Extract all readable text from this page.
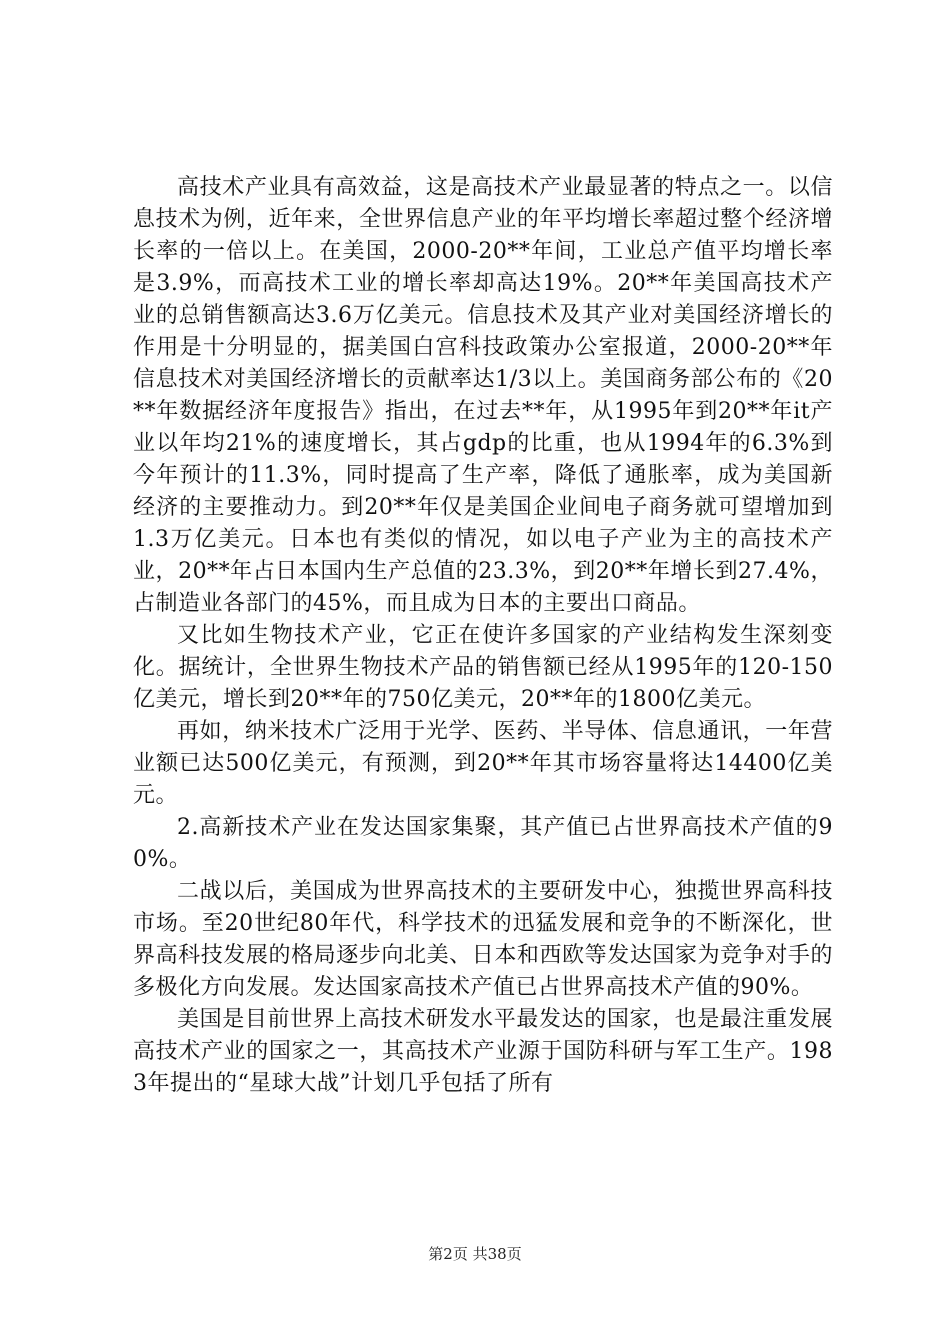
高技术产业具有高效益，这是高技术产业最显著的特点之一。以信息技术为例，近年来，全世界信息产业的年平均增长率超过整个经济增长率的一倍以上。在美国，2000-20**年间，工业总产值平均增长率是3.9%，而高技术工业的增长率却高达19%。20**年美国高技术产业的总销售额高达3.6万亿美元。信息技术及其产业对美国经济增长的作用是十分明显的，据美国白宫科技政策办公室报道，2000-20**年信息技术对美国经济增长的贡献率达1/3以上。美国商务部公布的《20**年数据经济年度报告》指出，在过去**年，从1995年到20**年it产业以年均21%的速度增长，其占gdp的比重，也从1994年的6.3%到今年预计的11.3%，同时提高了生产率，降低了通胀率，成为美国新经济的主要推动力。到20**年仅是美国企业间电子商务就可望增加到1.3万亿美元。日本也有类似的情况，如以电子产业为主的高技术产业，20**年占日本国内生产总值的23.3%，到20**年增长到27.4%，占制造业各部门的45%，而且成为日本的主要出口商品。

又比如生物技术产业，它正在使许多国家的产业结构发生深刻变化。据统计，全世界生物技术产品的销售额已经从1995年的120-150亿美元，增长到20**年的750亿美元，20**年的1800亿美元。

再如，纳米技术广泛用于光学、医药、半导体、信息通讯，一年营业额已达500亿美元，有预测，到20**年其市场容量将达14400亿美元。

2.高新技术产业在发达国家集聚，其产值已占世界高技术产值的90%。

二战以后，美国成为世界高技术的主要研发中心，独揽世界高科技市场。至20世纪80年代，科学技术的迅猛发展和竞争的不断深化，世界高科技发展的格局逐步向北美、日本和西欧等发达国家为竞争对手的多极化方向发展。发达国家高技术产值已占世界高技术产值的90%。

美国是目前世界上高技术研发水平最发达的国家，也是最注重发展高技术产业的国家之一，其高技术产业源于国防科研与军工生产。1983年提出的“星球大战”计划几乎包括了所有

第2页 共38页
